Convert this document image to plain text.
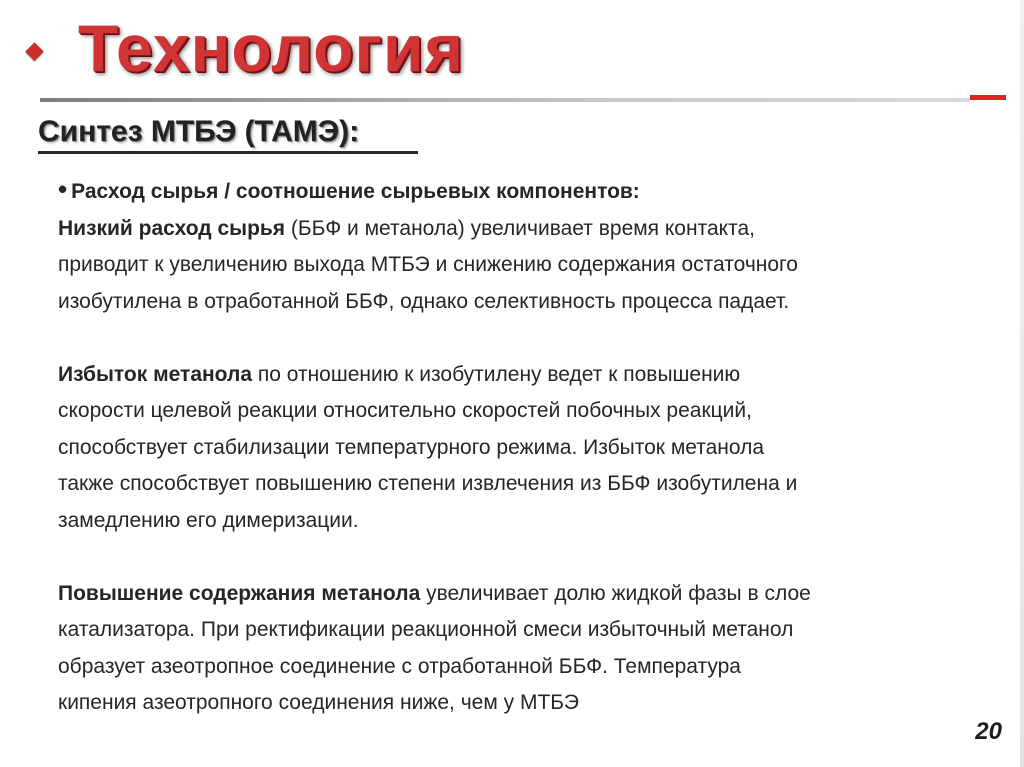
Технология
Синтез МТБЭ (ТАМЭ):

• Расход сырья / соотношение сырьевых компонентов:

Низкий расход сырья (ББФ и метанола) увеличивает время контакта,

приводит к увеличению выхода МТБЭ и снижению содержания остаточного

изобутилена в отработанной ББФ, однако селективность процесса падает.

Избыток метанола по отношению к изобутилену ведет к повышению

скорости целевой реакции относительно скоростей побочных реакций,

способствует стабилизации температурного режима. Избыток метанола

также способствует повышению степени извлечения из ББФ изобутилена и

замедлению его димеризации.

Повышение содержания метанола увеличивает долю жидкой фазы в слое

катализатора. При ректификации реакционной смеси избыточный метанол

образует азеотропное соединение с отработанной ББФ. Температура

кипения азеотропного соединения ниже, чем у МТБЭ

20
